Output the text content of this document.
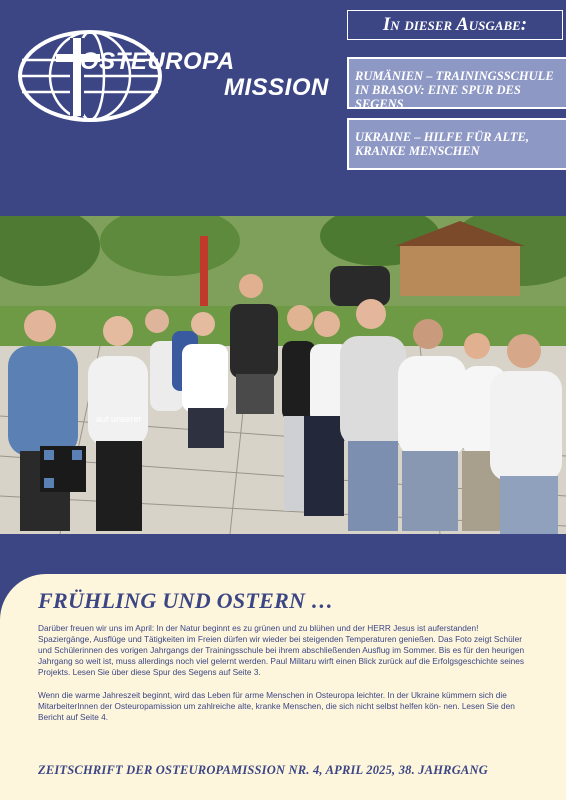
OSTEUROPA
MISSION
In dieser Ausgabe:
RUMÄNIEN – TRAININGSSCHULE IN BRASOV: EINE SPUR DES SEGENS
UKRAINE – HILFE FÜR ALTE, KRANKE MENSCHEN
auf unserer
FRÜHLING UND OSTERN …

Darüber freuen wir uns im April: In der Natur beginnt es zu grünen und zu blühen und der HERR Jesus ist auferstanden! Spaziergänge, Ausflüge und Tätigkeiten im Freien dürfen wir wieder bei steigenden Temperaturen genießen. Das Foto zeigt Schüler und Schülerinnen des vorigen Jahrgangs der Trainingsschule bei ihrem abschließenden Ausflug im Sommer. Bis es für den heurigen Jahrgang so weit ist, muss allerdings noch viel gelernt werden. Paul Militaru wirft einen Blick zurück auf die Erfolgsgeschichte seines Projekts. Lesen Sie über diese Spur des Segens auf Seite 3.

Wenn die warme Jahreszeit beginnt, wird das Leben für arme Menschen in Osteuropa leichter. In der Ukraine kümmern sich die MitarbeiterInnen der Osteuropamission um zahlreiche alte, kranke Menschen, die sich nicht selbst helfen kön- nen. Lesen Sie den Bericht auf Seite 4.

ZEITSCHRIFT DER OSTEUROPAMISSION NR. 4, APRIL 2025, 38. JAHRGANG
